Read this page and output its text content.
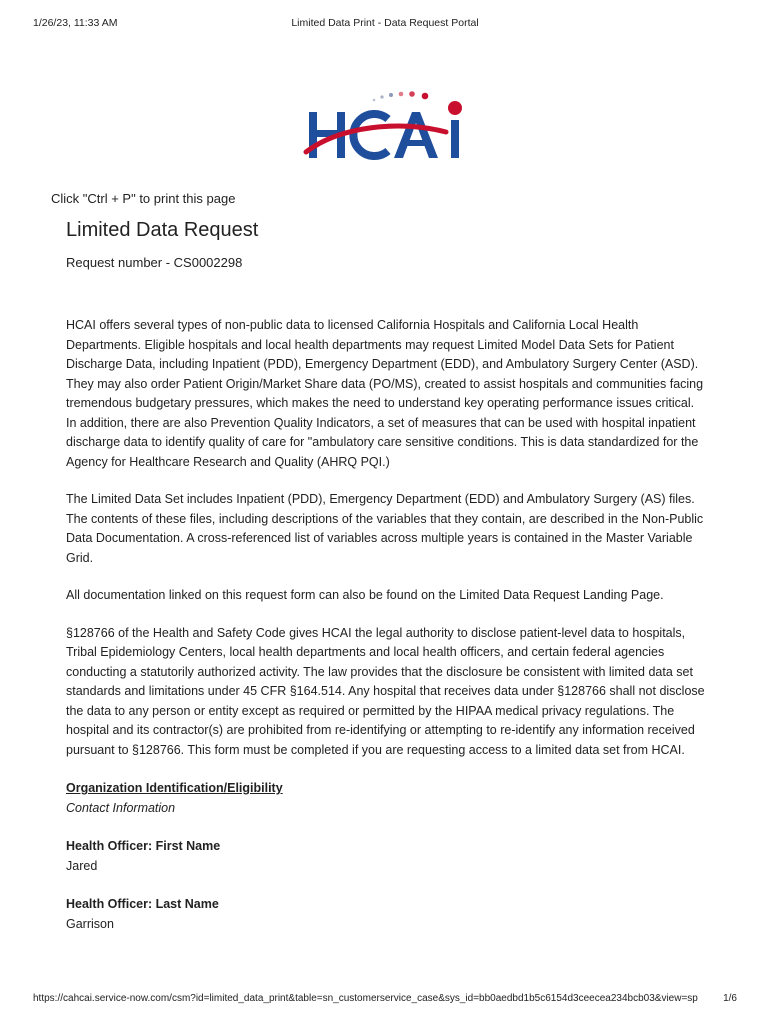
1/26/23, 11:33 AM	Limited Data Print - Data Request Portal
Click "Ctrl + P" to print this page
Limited Data Request
Request number - CS0002298

HCAI offers several types of non-public data to licensed California Hospitals and California Local Health Departments. Eligible hospitals and local health departments may request Limited Model Data Sets for Patient Discharge Data, including Inpatient (PDD), Emergency Department (EDD), and Ambulatory Surgery Center (ASD). They may also order Patient Origin/Market Share data (PO/MS), created to assist hospitals and communities facing tremendous budgetary pressures, which makes the need to understand key operating performance issues critical. In addition, there are also Prevention Quality Indicators, a set of measures that can be used with hospital inpatient discharge data to identify quality of care for "ambulatory care sensitive conditions. This is data standardized for the Agency for Healthcare Research and Quality (AHRQ PQI.)

The Limited Data Set includes Inpatient (PDD), Emergency Department (EDD) and Ambulatory Surgery (AS) files. The contents of these files, including descriptions of the variables that they contain, are described in the Non-Public Data Documentation. A cross-referenced list of variables across multiple years is contained in the Master Variable Grid.

All documentation linked on this request form can also be found on the Limited Data Request Landing Page.

§128766 of the Health and Safety Code gives HCAI the legal authority to disclose patient-level data to hospitals, Tribal Epidemiology Centers, local health departments and local health officers, and certain federal agencies conducting a statutorily authorized activity. The law provides that the disclosure be consistent with limited data set standards and limitations under 45 CFR §164.514. Any hospital that receives data under §128766 shall not disclose the data to any person or entity except as required or permitted by the HIPAA medical privacy regulations. The hospital and its contractor(s) are prohibited from re-identifying or attempting to re-identify any information received pursuant to §128766. This form must be completed if you are requesting access to a limited data set from HCAI.

Organization Identification/Eligibility
Contact Information
Health Officer: First Name
Jared
Health Officer: Last Name
Garrison
https://cahcai.service-now.com/csm?id=limited_data_print&table=sn_customerservice_case&sys_id=bb0aedbd1b5c6154d3ceecea234bcb03&view=sp	1/6
